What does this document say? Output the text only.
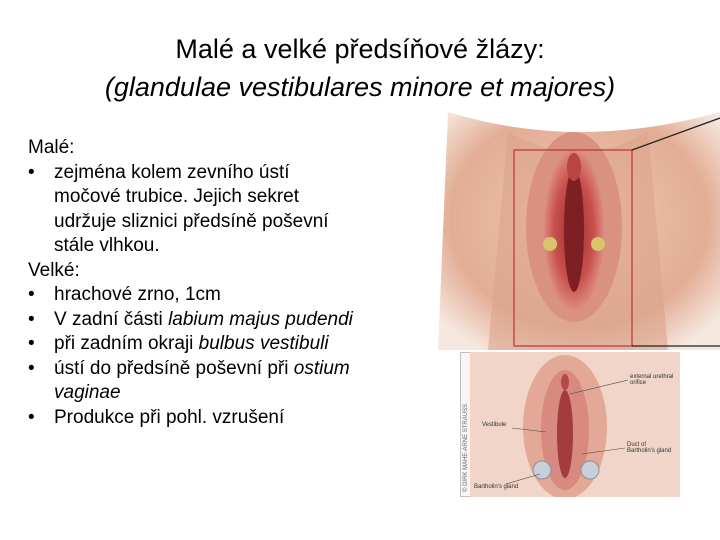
Malé a velké předsíňové žlázy:
(glandulae vestibulares minore et majores)
Malé:
•	zejména kolem zevního ústí
močové trubice. Jejich sekret
udržuje sliznici předsíně poševní
stále vlhkou.
Velké:
•	hrachové zrno, 1cm
•	V zadní části labium majus pudendi
•	při zadním okraji bulbus vestibuli
•	ústí do předsíně poševní při ostium
vaginae
•	Produkce při pohl. vzrušení
external urethral orifice
Vestibule
Duct of Bartholin's gland
Bartholin's gland
© DIRK MAHE-ARNE STRAUSS
